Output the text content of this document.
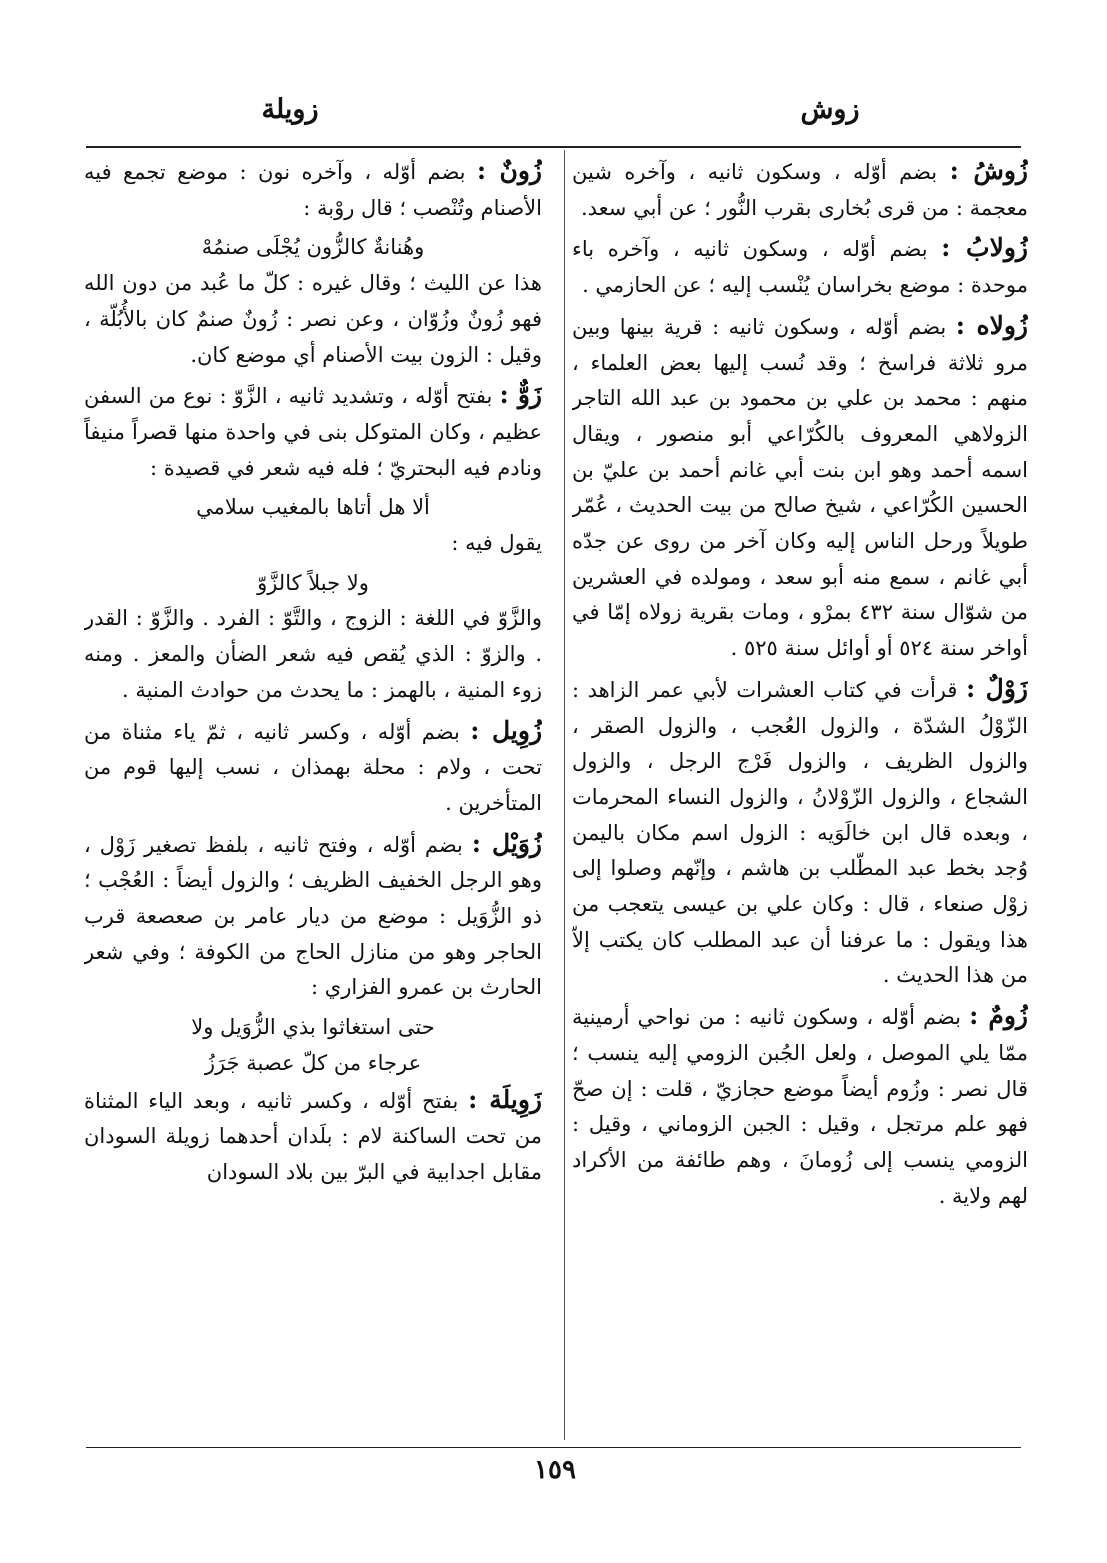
زوش
زويلة

زُوشُ : بضم أوّله ، وسكون ثانيه ، وآخره شين معجمة : من قرى بُخارى بقرب النُّور ؛ عن أبي سعد.

زُولابُ : بضم أوّله ، وسكون ثانيه ، وآخره باء موحدة : موضع بخراسان يُنْسب إليه ؛ عن الحازمي .

زُولاه : بضم أوّله ، وسكون ثانيه : قرية بينها وبين مرو ثلاثة فراسخ ؛ وقد نُسب إليها بعض العلماء ، منهم : محمد بن علي بن محمود بن عبد الله التاجر الزولاهي المعروف بالكُرّاعي أبو منصور ، ويقال اسمه أحمد وهو ابن بنت أبي غانم أحمد بن عليّ بن الحسين الكُرّاعي ، شيخ صالح من بيت الحديث ، عُمّر طويلاً ورحل الناس إليه وكان آخر من روى عن جدّه أبي غانم ، سمع منه أبو سعد ، ومولده في العشرين من شوّال سنة ٤٣٢ بمرْو ، ومات بقرية زولاه إمّا في أواخر سنة ٥٢٤ أو أوائل سنة ٥٢٥ .

زَوْلٌ : قرأت في كتاب العشرات لأبي عمر الزاهد : الزّوْلُ الشدّة ، والزول العُجب ، والزول الصقر ، والزول الظريف ، والزول فَرْج الرجل ، والزول الشجاع ، والزول الزّوْلانُ ، والزول النساء المحرمات ، وبعده قال ابن خالَوَيه : الزول اسم مكان باليمن وُجد بخط عبد المطّلب بن هاشم ، وإنّهم وصلوا إلى زوْل صنعاء ، قال : وكان علي بن عيسى يتعجب من هذا ويقول : ما عرفنا أن عبد المطلب كان يكتب إلاّ من هذا الحديث .

زُومٌ : بضم أوّله ، وسكون ثانيه : من نواحي أرمينية ممّا يلي الموصل ، ولعل الجُبن الزومي إليه ينسب ؛ قال نصر : وزُوم أيضاً موضع حجازيّ ، قلت : إن صحّ فهو علم مرتجل ، وقيل : الجبن الزوماني ، وقيل : الزومي ينسب إلى زُومانَ ، وهم طائفة من الأكراد لهم ولاية .

زُونٌ : بضم أوّله ، وآخره نون : موضع تجمع فيه الأصنام وتُنْصب ؛ قال روْبة :

وهُنانةٌ كالزُّون يُجْلَى صنمُهْ

هذا عن الليث ؛ وقال غيره : كلّ ما عُبد من دون الله فهو زُونٌ وزُوّان ، وعن نصر : زُونٌ صنمٌ كان بالأُبُلّة ، وقيل : الزون بيت الأصنام أي موضع كان.

زَوٌّ : بفتح أوّله ، وتشديد ثانيه ، الزَّوّ : نوع من السفن عظيم ، وكان المتوكل بنى في واحدة منها قصراً منيفاً ونادم فيه البحتريّ ؛ فله فيه شعر في قصيدة :

ألا هل أتاها بالمغيب سلامي

يقول فيه :

ولا جبلاً كالزَّوّ

والزَّوّ في اللغة : الزوج ، والتَّوّ : الفرد . والزَّوّ : القدر . والزوّ : الذي يُقص فيه شعر الضأن والمعز . ومنه زوء المنية ، بالهمز : ما يحدث من حوادث المنية .

زُوِيل : بضم أوّله ، وكسر ثانيه ، ثمّ ياء مثناة من تحت ، ولام : محلة بهمذان ، نسب إليها قوم من المتأخرين .

زُوَيْل : بضم أوّله ، وفتح ثانيه ، بلفظ تصغير زَوْل ، وهو الرجل الخفيف الظريف ؛ والزول أيضاً : العُجْب ؛ ذو الزُّوَيل : موضع من ديار عامر بن صعصعة قرب الحاجر وهو من منازل الحاج من الكوفة ؛ وفي شعر الحارث بن عمرو الفزاري :

حتى استغاثوا بذي الزُّوَيل ولا

عرجاء من كلّ عصبة جَرَزُ

زَوِيلَة : بفتح أوّله ، وكسر ثانيه ، وبعد الياء المثناة من تحت الساكنة لام : بلَدان أحدهما زويلة السودان مقابل اجدابية في البرّ بين بلاد السودان

١٥٩
